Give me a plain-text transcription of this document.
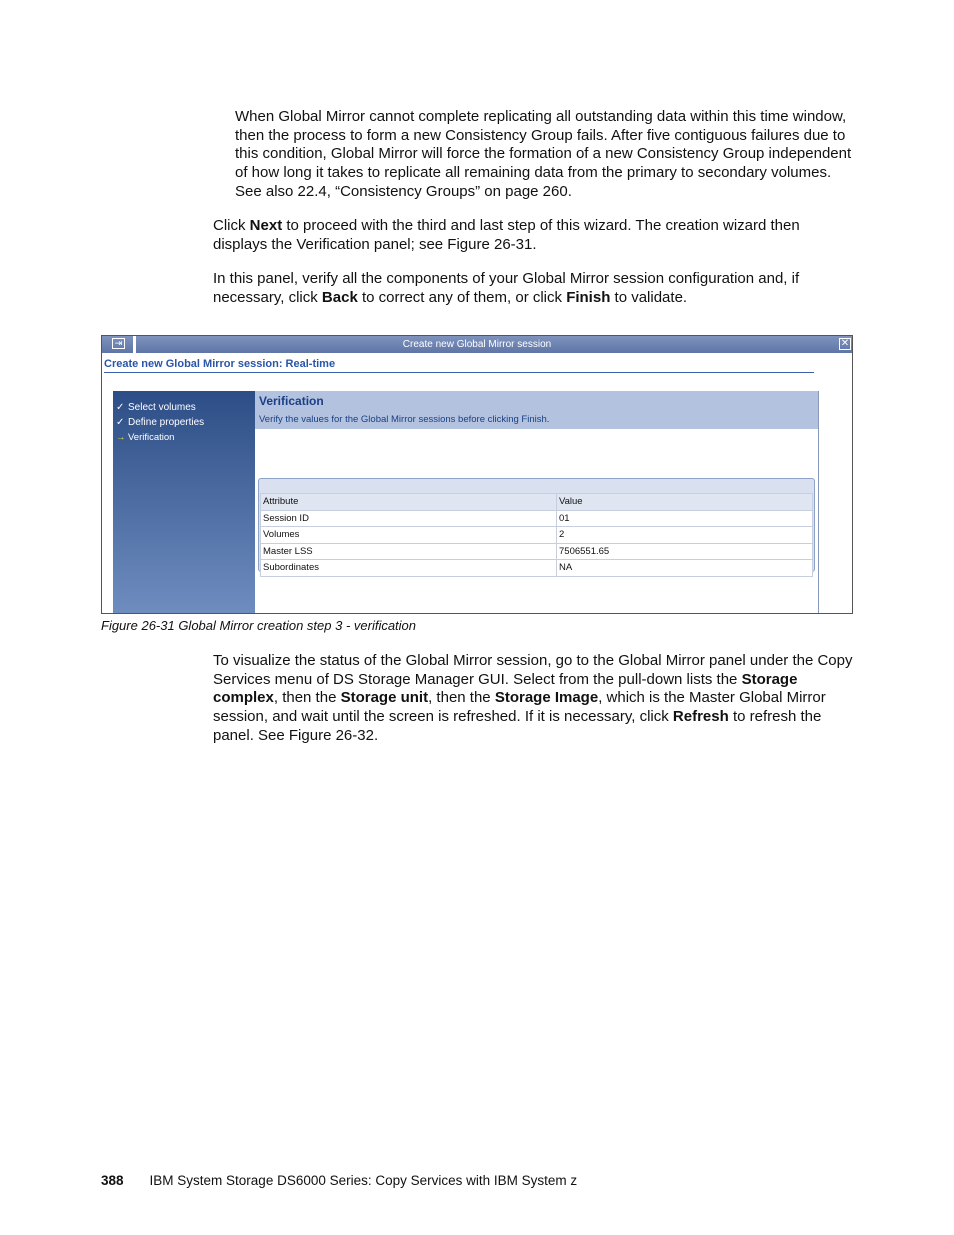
When Global Mirror cannot complete replicating all outstanding data within this time window, then the process to form a new Consistency Group fails. After five contiguous failures due to this condition, Global Mirror will force the formation of a new Consistency Group independent of how long it takes to replicate all remaining data from the primary to secondary volumes. See also 22.4, “Consistency Groups” on page 260.

Click Next to proceed with the third and last step of this wizard. The creation wizard then displays the Verification panel; see Figure 26-31.

In this panel, verify all the components of your Global Mirror session configuration and, if necessary, click Back to correct any of them, or click Finish to validate.

⇥	Create new Global Mirror session	✕
Create new Global Mirror session: Real-time
✓ Select volumes
✓ Define properties
→ Verification
Verification
Verify the values for the Global Mirror sessions before clicking Finish.
Attribute	Value
Session ID	01
Volumes	2
Master LSS	7506551.65
Subordinates	NA
Figure 26-31 Global Mirror creation step 3 - verification

To visualize the status of the Global Mirror session, go to the Global Mirror panel under the Copy Services menu of DS Storage Manager GUI. Select from the pull-down lists the Storage complex, then the Storage unit, then the Storage Image, which is the Master Global Mirror session, and wait until the screen is refreshed. If it is necessary, click Refresh to refresh the panel. See Figure 26-32.

388 IBM System Storage DS6000 Series: Copy Services with IBM System z
